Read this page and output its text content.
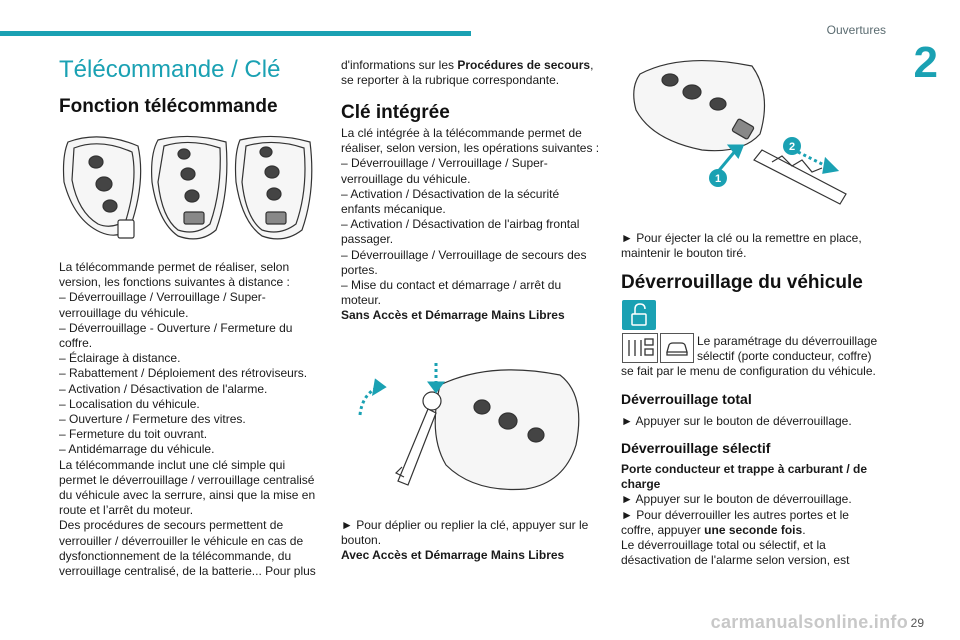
Ouvertures
2
Télécommande / Clé
Fonction télécommande
La télécommande permet de réaliser, selon
version, les fonctions suivantes à distance :
– Déverrouillage / Verrouillage / Super-
verrouillage du véhicule.
– Déverrouillage - Ouverture / Fermeture du
coffre.
– Éclairage à distance.
– Rabattement / Déploiement des rétroviseurs.
– Activation / Désactivation de l'alarme.
– Localisation du véhicule.
– Ouverture / Fermeture des vitres.
– Fermeture du toit ouvrant.
– Antidémarrage du véhicule.
La télécommande inclut une clé simple qui
permet le déverrouillage / verrouillage centralisé
du véhicule avec la serrure, ainsi que la mise en
route et l’arrêt du moteur.
Des procédures de secours permettent de
verrouiller / déverrouiller le véhicule en cas de
dysfonctionnement de la télécommande, du
verrouillage centralisé, de la batterie... Pour plus
d'informations sur les Procédures de secours,
se reporter à la rubrique correspondante.
Clé intégrée
La clé intégrée à la télécommande permet de
réaliser, selon version, les opérations suivantes :
– Déverrouillage / Verrouillage / Super-
verrouillage du véhicule.
– Activation / Désactivation de la sécurité
enfants mécanique.
– Activation / Désactivation de l'airbag frontal
passager.
– Déverrouillage / Verrouillage de secours des
portes.
– Mise du contact et démarrage / arrêt du
moteur.
Sans Accès et Démarrage Mains Libres
► Pour déplier ou replier la clé, appuyer sur le
bouton.
Avec Accès et Démarrage Mains Libres
1
2
► Pour éjecter la clé ou la remettre en place,
maintenir le bouton tiré.
Déverrouillage du véhicule
Le paramétrage du déverrouillage
sélectif (porte conducteur, coffre)
se fait par le menu de configuration du véhicule.
Déverrouillage total
► Appuyer sur le bouton de déverrouillage.
Déverrouillage sélectif
Porte conducteur et trappe à carburant / de
charge
► Appuyer sur le bouton de déverrouillage.
► Pour déverrouiller les autres portes et le
coffre, appuyer une seconde fois.
Le déverrouillage total ou sélectif, et la
désactivation de l'alarme selon version, est
carmanualsonline.info 29
